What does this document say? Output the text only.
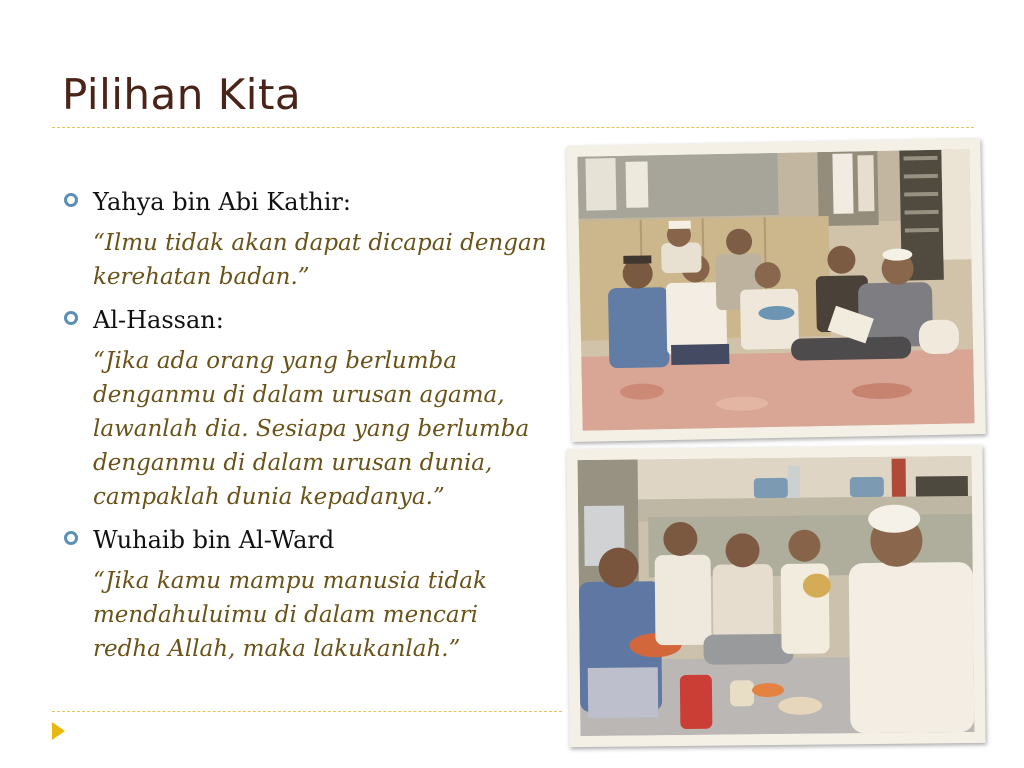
Pilihan Kita
Yahya bin Abi Kathir:
“Ilmu tidak akan dapat dicapai dengan kerehatan badan.”
Al-Hassan:
“Jika ada orang yang berlumba denganmu di dalam urusan agama, lawanlah dia. Sesiapa yang berlumba denganmu di dalam urusan dunia, campaklah dunia kepadanya.”
Wuhaib bin Al-Ward
“Jika kamu mampu manusia tidak mendahuluimu di dalam mencari redha Allah, maka lakukanlah.”
